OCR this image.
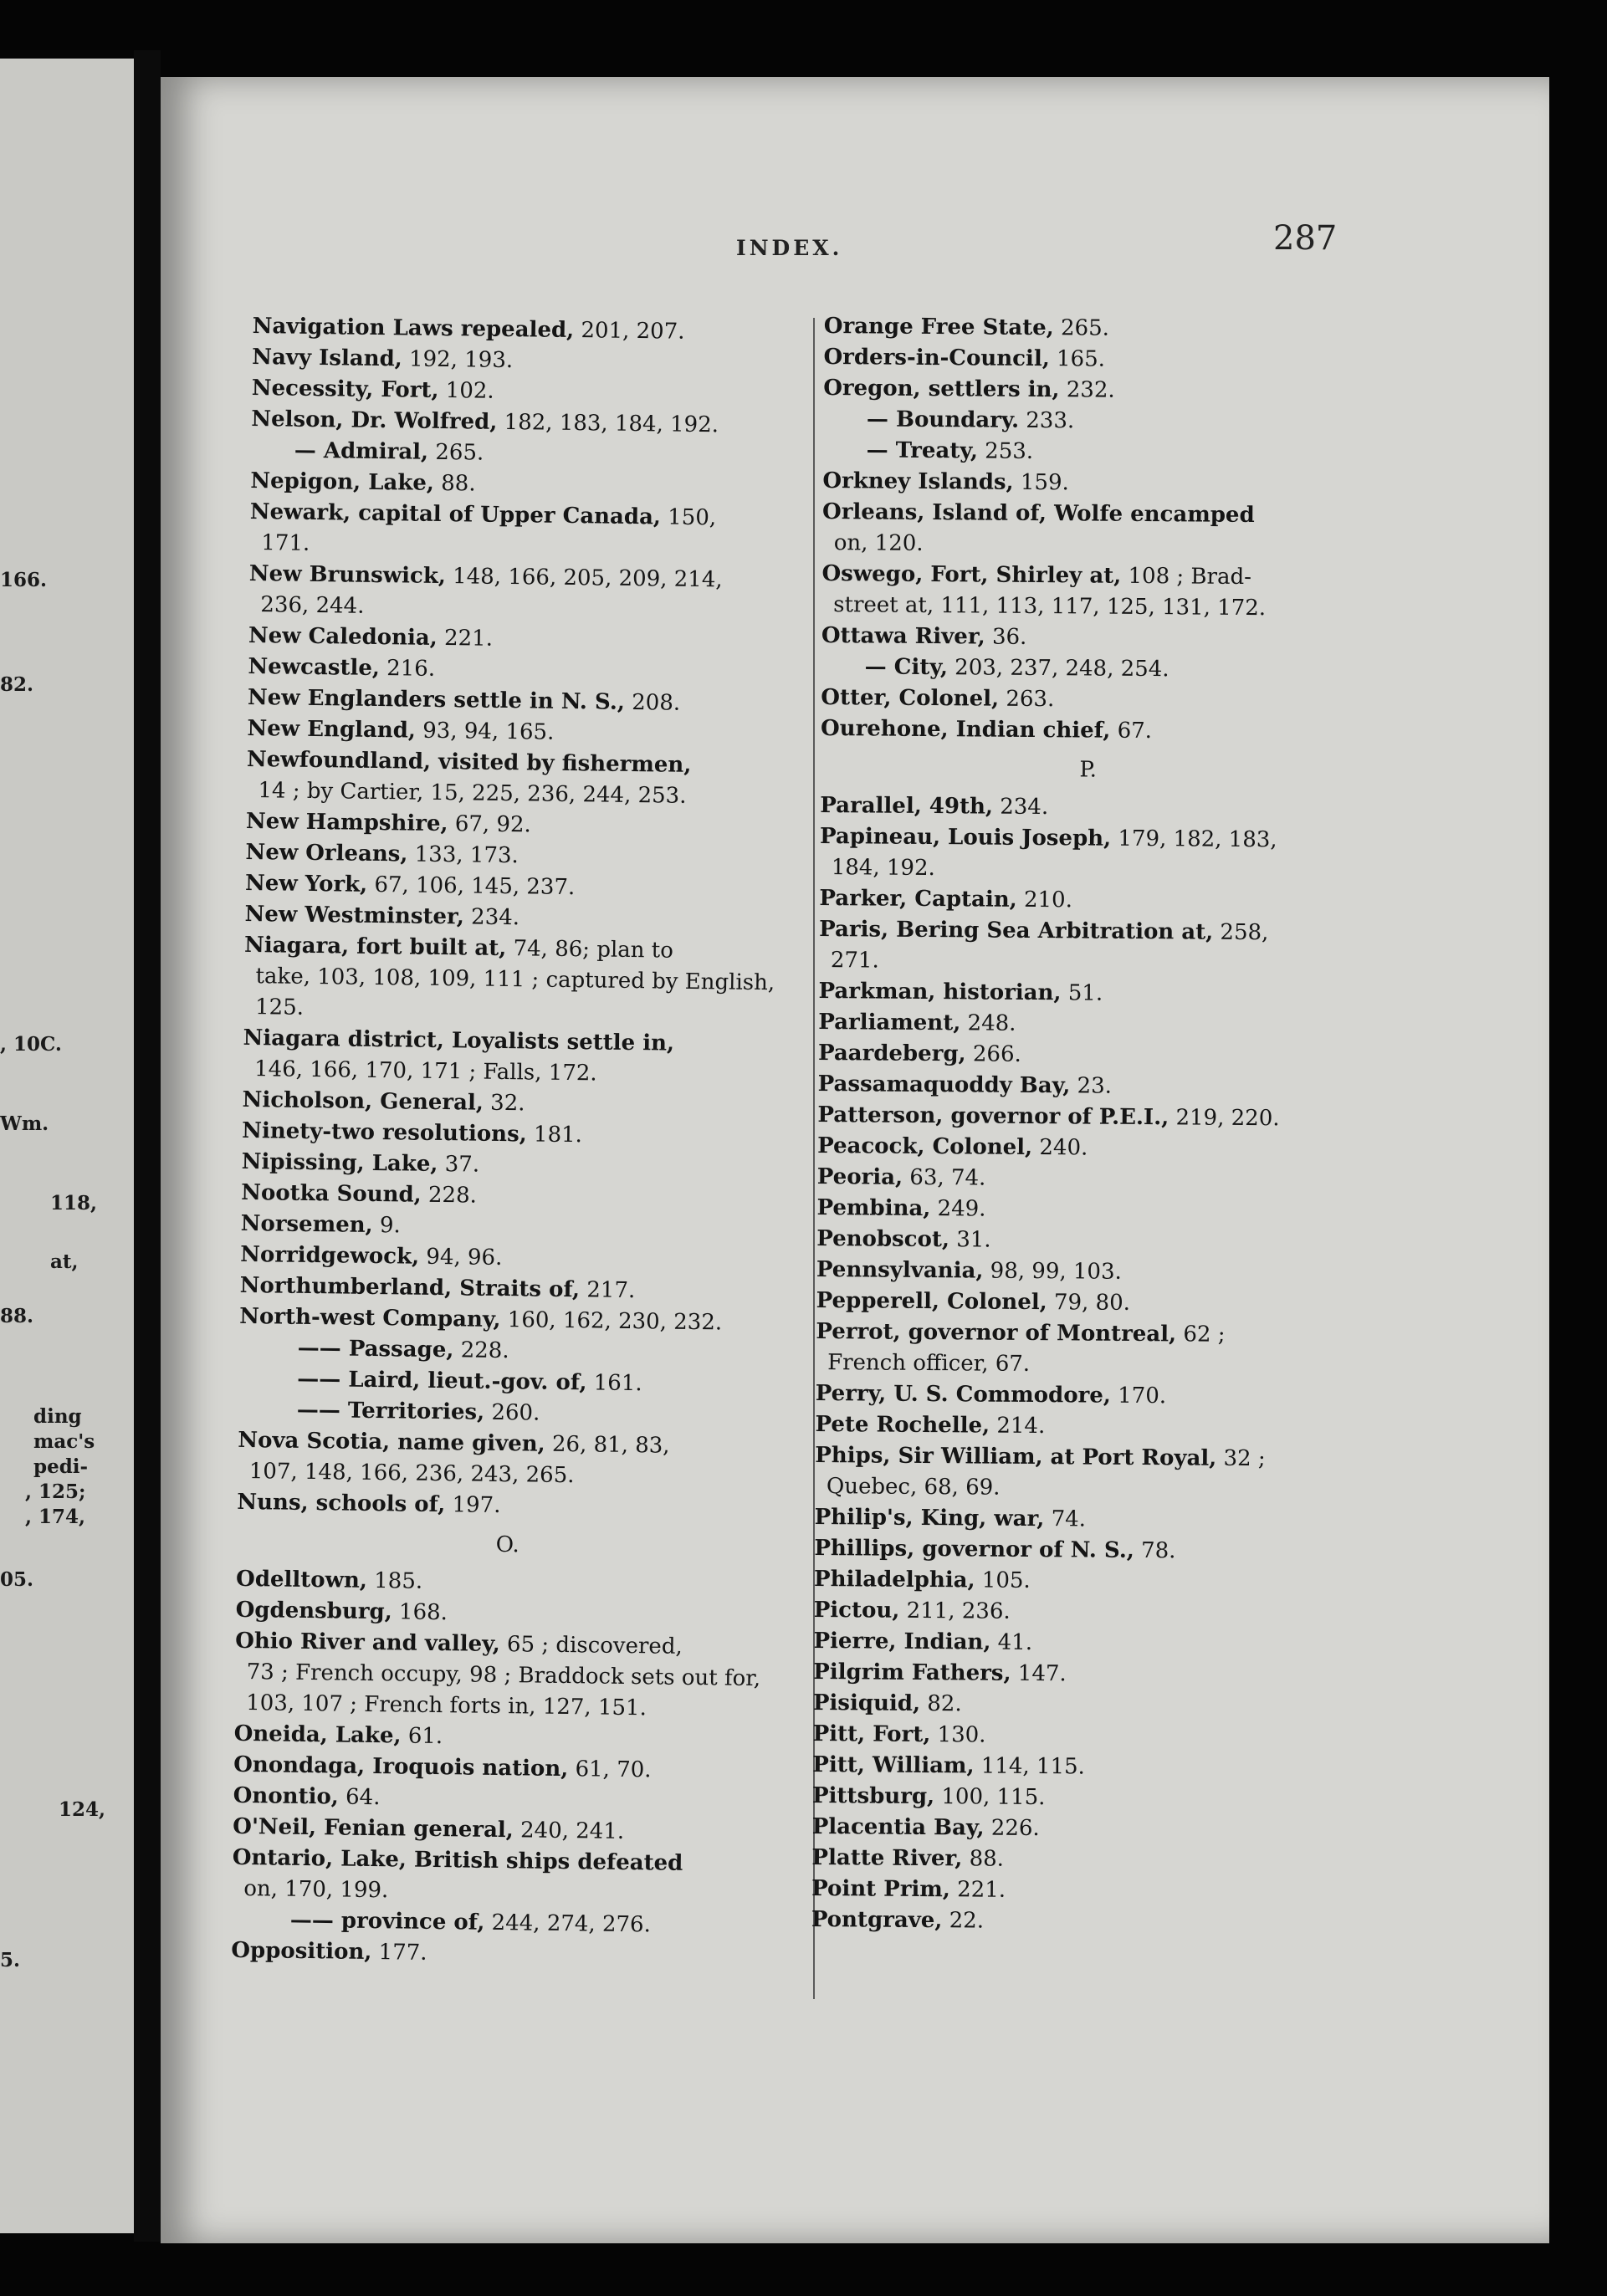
INDEX.	287
Navigation Laws repealed, 201, 207.
Navy Island, 192, 193.
Necessity, Fort, 102.
Nelson, Dr. Wolfred, 182, 183, 184, 192.
— Admiral, 265.
Nepigon, Lake, 88.
Newark, capital of Upper Canada, 150,
171.
New Brunswick, 148, 166, 205, 209, 214,
236, 244.
New Caledonia, 221.
Newcastle, 216.
New Englanders settle in N. S., 208.
New England, 93, 94, 165.
Newfoundland, visited by fishermen,
14 ; by Cartier, 15, 225, 236, 244, 253.
New Hampshire, 67, 92.
New Orleans, 133, 173.
New York, 67, 106, 145, 237.
New Westminster, 234.
Niagara, fort built at, 74, 86; plan to
take, 103, 108, 109, 111 ; captured by English, 125.
Niagara district, Loyalists settle in,
146, 166, 170, 171 ; Falls, 172.
Nicholson, General, 32.
Ninety-two resolutions, 181.
Nipissing, Lake, 37.
Nootka Sound, 228.
Norsemen, 9.
Norridgewock, 94, 96.
Northumberland, Straits of, 217.
North-west Company, 160, 162, 230, 232.
—— Passage, 228.
—— Laird, lieut.-gov. of, 161.
—— Territories, 260.
Nova Scotia, name given, 26, 81, 83,
107, 148, 166, 236, 243, 265.
Nuns, schools of, 197.
O.
Odelltown, 185.
Ogdensburg, 168.
Ohio River and valley, 65 ; discovered,
73 ; French occupy, 98 ; Braddock sets out for, 103, 107 ; French forts in, 127, 151.
Oneida, Lake, 61.
Onondaga, Iroquois nation, 61, 70.
Onontio, 64.
O'Neil, Fenian general, 240, 241.
Ontario, Lake, British ships defeated
on, 170, 199.
—— province of, 244, 274, 276.
Opposition, 177.
Orange Free State, 265.
Orders-in-Council, 165.
Oregon, settlers in, 232.
— Boundary. 233.
— Treaty, 253.
Orkney Islands, 159.
Orleans, Island of, Wolfe encamped
on, 120.
Oswego, Fort, Shirley at, 108 ; Brad-
street at, 111, 113, 117, 125, 131, 172.
Ottawa River, 36.
— City, 203, 237, 248, 254.
Otter, Colonel, 263.
Ourehone, Indian chief, 67.
P.
Parallel, 49th, 234.
Papineau, Louis Joseph, 179, 182, 183,
184, 192.
Parker, Captain, 210.
Paris, Bering Sea Arbitration at, 258,
271.
Parkman, historian, 51.
Parliament, 248.
Paardeberg, 266.
Passamaquoddy Bay, 23.
Patterson, governor of P.E.I., 219, 220.
Peacock, Colonel, 240.
Peoria, 63, 74.
Pembina, 249.
Penobscot, 31.
Pennsylvania, 98, 99, 103.
Pepperell, Colonel, 79, 80.
Perrot, governor of Montreal, 62 ;
French officer, 67.
Perry, U. S. Commodore, 170.
Pete Rochelle, 214.
Phips, Sir William, at Port Royal, 32 ;
Quebec, 68, 69.
Philip's, King, war, 74.
Phillips, governor of N. S., 78.
Philadelphia, 105.
Pictou, 211, 236.
Pierre, Indian, 41.
Pilgrim Fathers, 147.
Pisiquid, 82.
Pitt, Fort, 130.
Pitt, William, 114, 115.
Pittsburg, 100, 115.
Placentia Bay, 226.
Platte River, 88.
Point Prim, 221.
Pontgrave, 22.
166.
82.
, 10C.
Wm.
118,
at,
88.
ding
mac's
pedi-
, 125;
, 174,
05.
124,
5.
